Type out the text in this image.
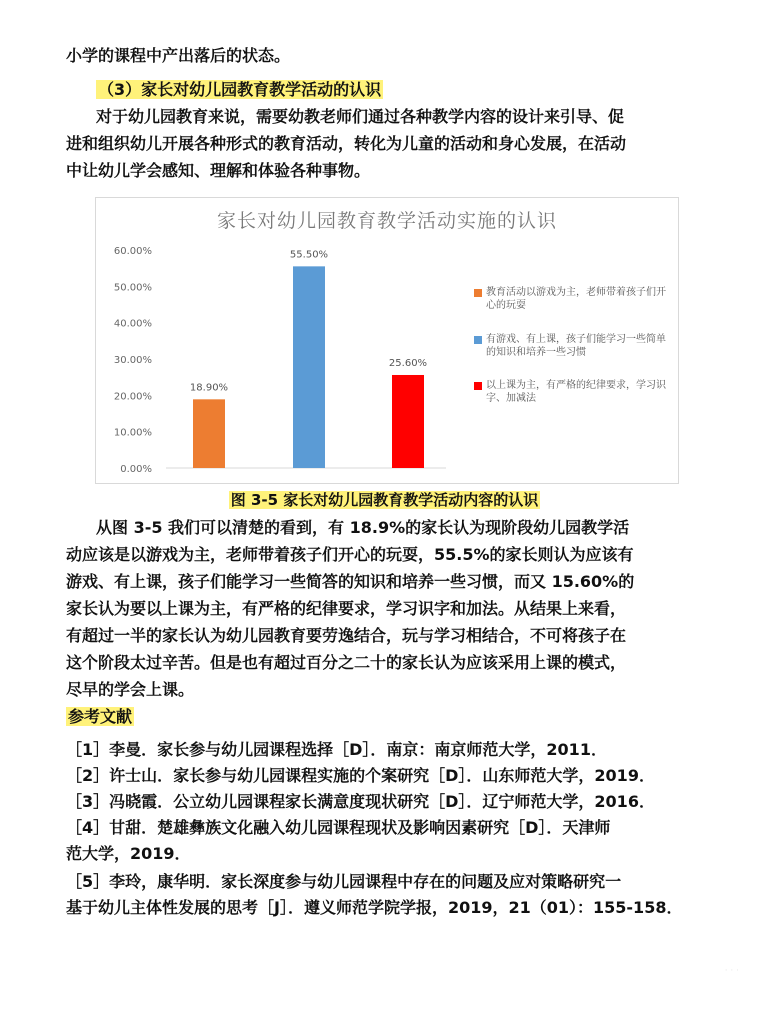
小学的课程中产出落后的状态。
（3）家长对幼儿园教育教学活动的认识
对于幼儿园教育来说，需要幼教老师们通过各种教学内容的设计来引导、促
进和组织幼儿开展各种形式的教育活动，转化为儿童的活动和身心发展，在活动
中让幼儿学会感知、理解和体验各种事物。
家长对幼儿园教育教学活动实施的认识
0.00%
10.00%
20.00%
30.00%
40.00%
50.00%
60.00%
18.90%
55.50%
25.60%
教育活动以游戏为主，老师带着孩子们开心的玩耍
有游戏、有上课，孩子们能学习一些简单的知识和培养一些习惯
以上课为主，有严格的纪律要求，学习识字、加减法
图 3-5 家长对幼儿园教育教学活动内容的认识
从图 3-5 我们可以清楚的看到，有 18.9%的家长认为现阶段幼儿园教学活
动应该是以游戏为主，老师带着孩子们开心的玩耍，55.5%的家长则认为应该有
游戏、有上课，孩子们能学习一些简答的知识和培养一些习惯，而又 15.60%的
家长认为要以上课为主，有严格的纪律要求，学习识字和加法。从结果上来看，
有超过一半的家长认为幼儿园教育要劳逸结合，玩与学习相结合，不可将孩子在
这个阶段太过辛苦。但是也有超过百分之二十的家长认为应该采用上课的模式，
尽早的学会上课。
参考文献
［1］李曼．家长参与幼儿园课程选择［D］．南京：南京师范大学，2011．
［2］许士山．家长参与幼儿园课程实施的个案研究［D］．山东师范大学，2019．
［3］冯晓霞．公立幼儿园课程家长满意度现状研究［D］．辽宁师范大学，2016．
［4］甘甜．楚雄彝族文化融入幼儿园课程现状及影响因素研究［D］．天津师
范大学，2019．
［5］李玲，康华明．家长深度参与幼儿园课程中存在的问题及应对策略研究一
基于幼儿主体性发展的思考［J］．遵义师范学院学报，2019，21（01）：155-158．
· · ·
